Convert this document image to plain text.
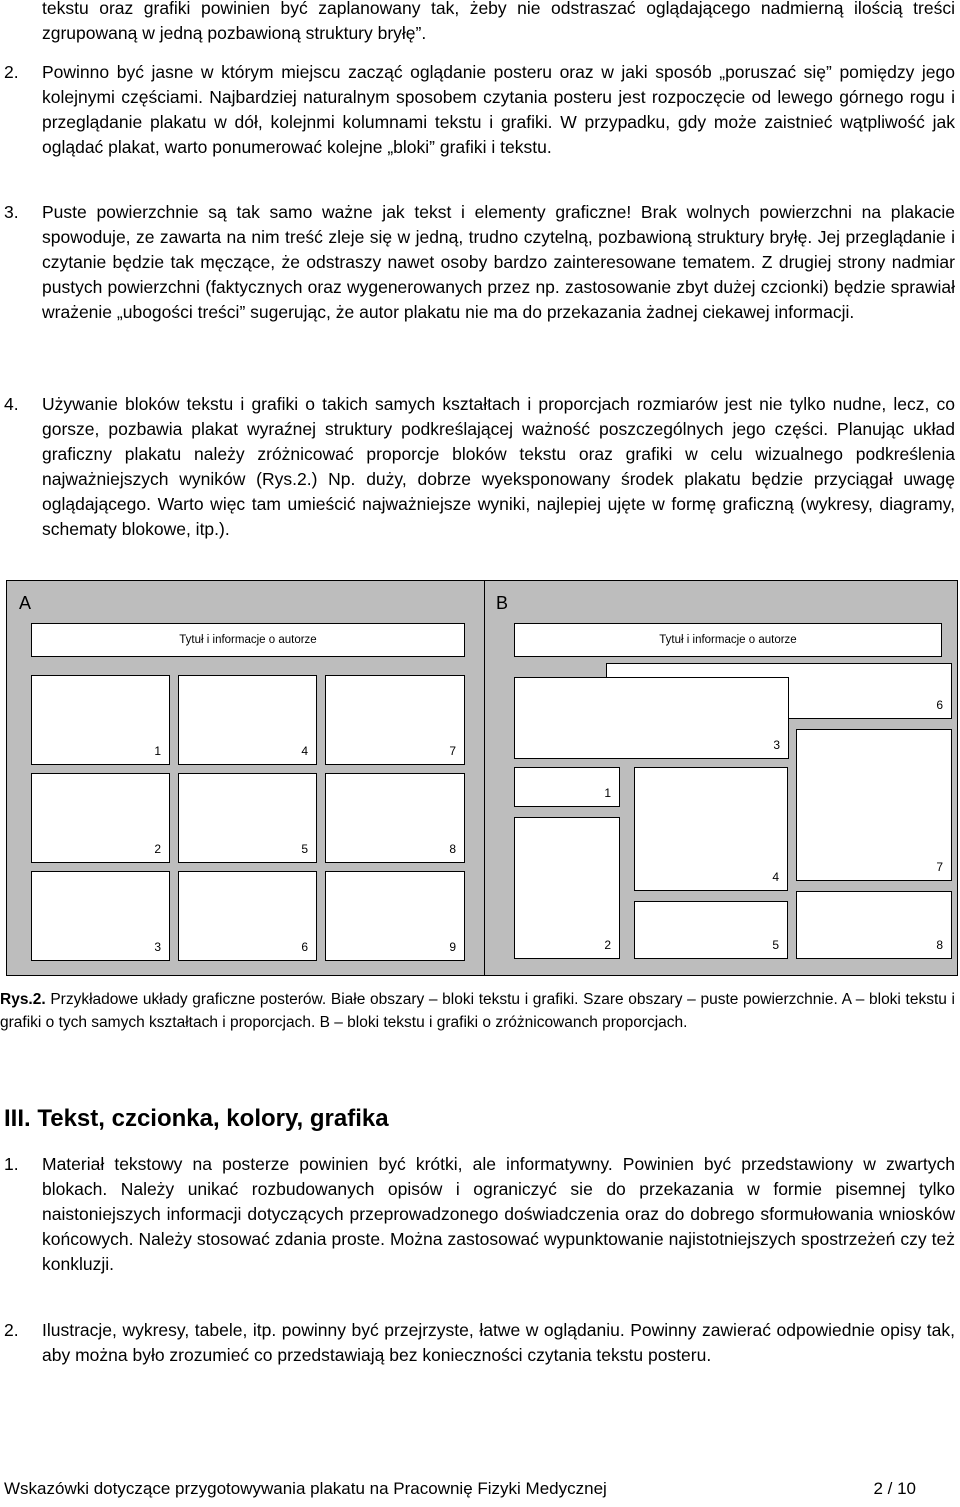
tekstu oraz grafiki powinien być zaplanowany tak, żeby nie odstraszać oglądającego nadmierną ilością treści zgrupowaną w jedną pozbawioną struktury bryłę”.
2. Powinno być jasne w którym miejscu zacząć oglądanie posteru oraz w jaki sposób „poruszać się” pomiędzy jego kolejnymi częściami. Najbardziej naturalnym sposobem czytania posteru jest rozpoczęcie od lewego górnego rogu i przeglądanie plakatu w dół, kolejnmi kolumnami tekstu i grafiki. W przypadku, gdy może zaistnieć wątpliwość jak oglądać plakat, warto ponumerować kolejne „bloki” grafiki i tekstu.
3. Puste powierzchnie są tak samo ważne jak tekst i elementy graficzne! Brak wolnych powierzchni na plakacie spowoduje, ze zawarta na nim treść zleje się w jedną, trudno czytelną, pozbawioną struktury bryłę. Jej przeglądanie i czytanie będzie tak męczące, że odstraszy nawet osoby bardzo zainteresowane tematem. Z drugiej strony nadmiar pustych powierzchni (faktycznych oraz wygenerowanych przez np. zastosowanie zbyt dużej czcionki) będzie sprawiał wrażenie „ubogości treści” sugerując, że autor plakatu nie ma do przekazania żadnej ciekawej informacji.
4. Używanie bloków tekstu i grafiki o takich samych kształtach i proporcjach rozmiarów jest nie tylko nudne, lecz, co gorsze, pozbawia plakat wyraźnej struktury podkreślającej ważność poszczególnych jego części. Planując układ graficzny plakatu należy zróżnicować proporcje bloków tekstu oraz grafiki w celu wizualnego podkreślenia najważniejszych wyników (Rys.2.) Np. duży, dobrze wyeksponowany środek plakatu będzie przyciągał uwagę oglądającego. Warto więc tam umieścić najważniejsze wyniki, najlepiej ujęte w formę graficzną (wykresy, diagramy, schematy blokowe, itp.).
A	B
Tytuł i informacje o autorze
1	4	7
2	5	8
3	6	9
Tytuł i informacje o autorze
6
3
1
7
4
2	5	8
Rys.2. Przykładowe układy graficzne posterów. Białe obszary – bloki tekstu i grafiki. Szare obszary – puste powierzchnie. A – bloki tekstu i grafiki o tych samych kształtach i proporcjach. B – bloki tekstu i grafiki o zróżnicowanch proporcjach.
III. Tekst, czcionka, kolory, grafika
1. Materiał tekstowy na posterze powinien być krótki, ale informatywny. Powinien być przedstawiony w zwartych blokach. Należy unikać rozbudowanych opisów i ograniczyć sie do przekazania w formie pisemnej tylko naistoniejszych informacji dotyczących przeprowadzonego doświadczenia oraz do dobrego sformułowania wniosków końcowych. Należy stosować zdania proste. Można zastosować wypunktowanie najistotniejszych spostrzeżeń czy też konkluzji.
2. Ilustracje, wykresy, tabele, itp. powinny być przejrzyste, łatwe w oglądaniu. Powinny zawierać odpowiednie opisy tak, aby można było zrozumieć co przedstawiają bez konieczności czytania tekstu posteru.
Wskazówki dotyczące przygotowywania plakatu na Pracownię Fizyki Medycznej	2 / 10
